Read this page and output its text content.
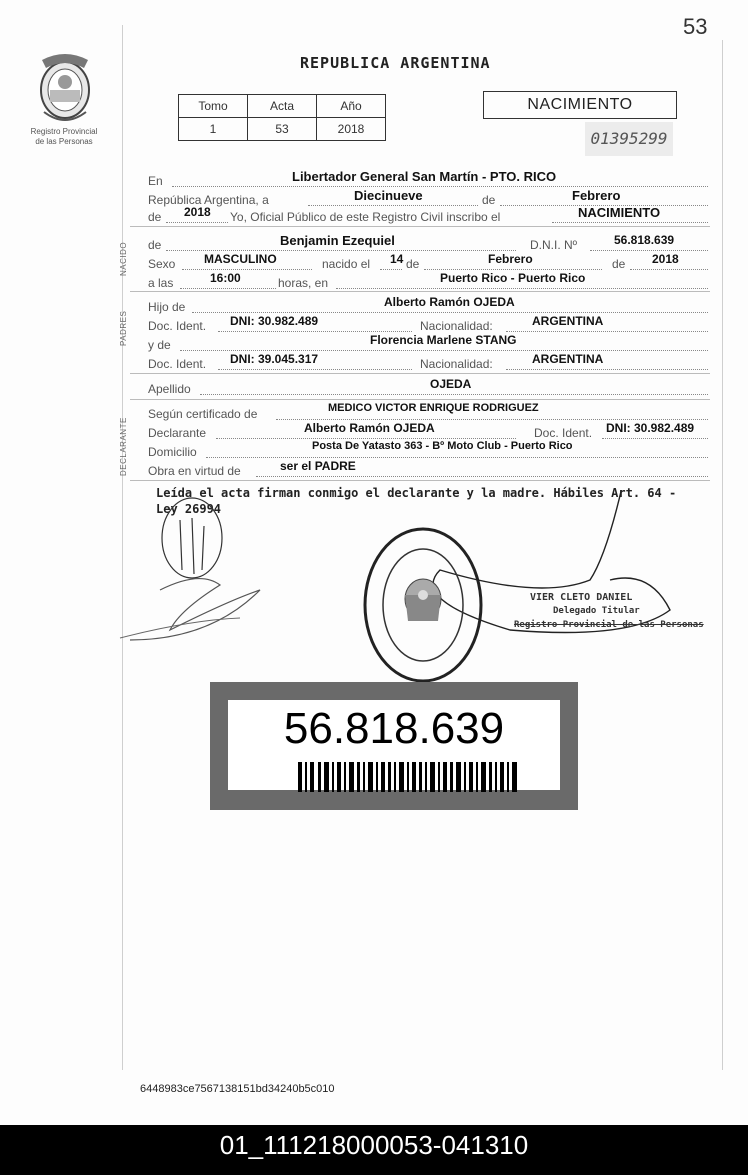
53
Registro Provincial
de las Personas
REPUBLICA ARGENTINA
Tomo	Acta	Año
1	53	2018
NACIMIENTO
01395299
En	Libertador General San Martín - PTO. RICO
República Argentina, a	Diecinueve	de	Febrero
de 2018 Yo, Oficial Público de este Registro Civil inscribo el	NACIMIENTO
NACIDO de	Benjamin Ezequiel	D.N.I. Nº	56.818.639
Sexo MASCULINO	nacido el 14 de	Febrero	de 2018
a las	16:00	horas, en	Puerto Rico - Puerto Rico
PADRES
Hijo de	Alberto Ramón OJEDA
Doc. Ident. DNI: 30.982.489	Nacionalidad:	ARGENTINA
y de	Florencia Marlene STANG
Doc. Ident. DNI: 39.045.317	Nacionalidad:	ARGENTINA
Apellido	OJEDA
DECLARANTE
Según certificado de	MEDICO VICTOR ENRIQUE RODRIGUEZ
Declarante	Alberto Ramón OJEDA	Doc. Ident. DNI: 30.982.489
Domicilio	Posta De Yatasto 363 - Bº Moto Club - Puerto Rico
Obra en virtud de	ser el PADRE
Leída el acta firman conmigo el declarante y la madre. Hábiles Art. 64 - Ley 26994
VIER CLETO DANIEL
Delegado Titular
Registro Provincial de las Personas
56.818.639
6448983ce7567138151bd34240b5c010
01_111218000053-041310
